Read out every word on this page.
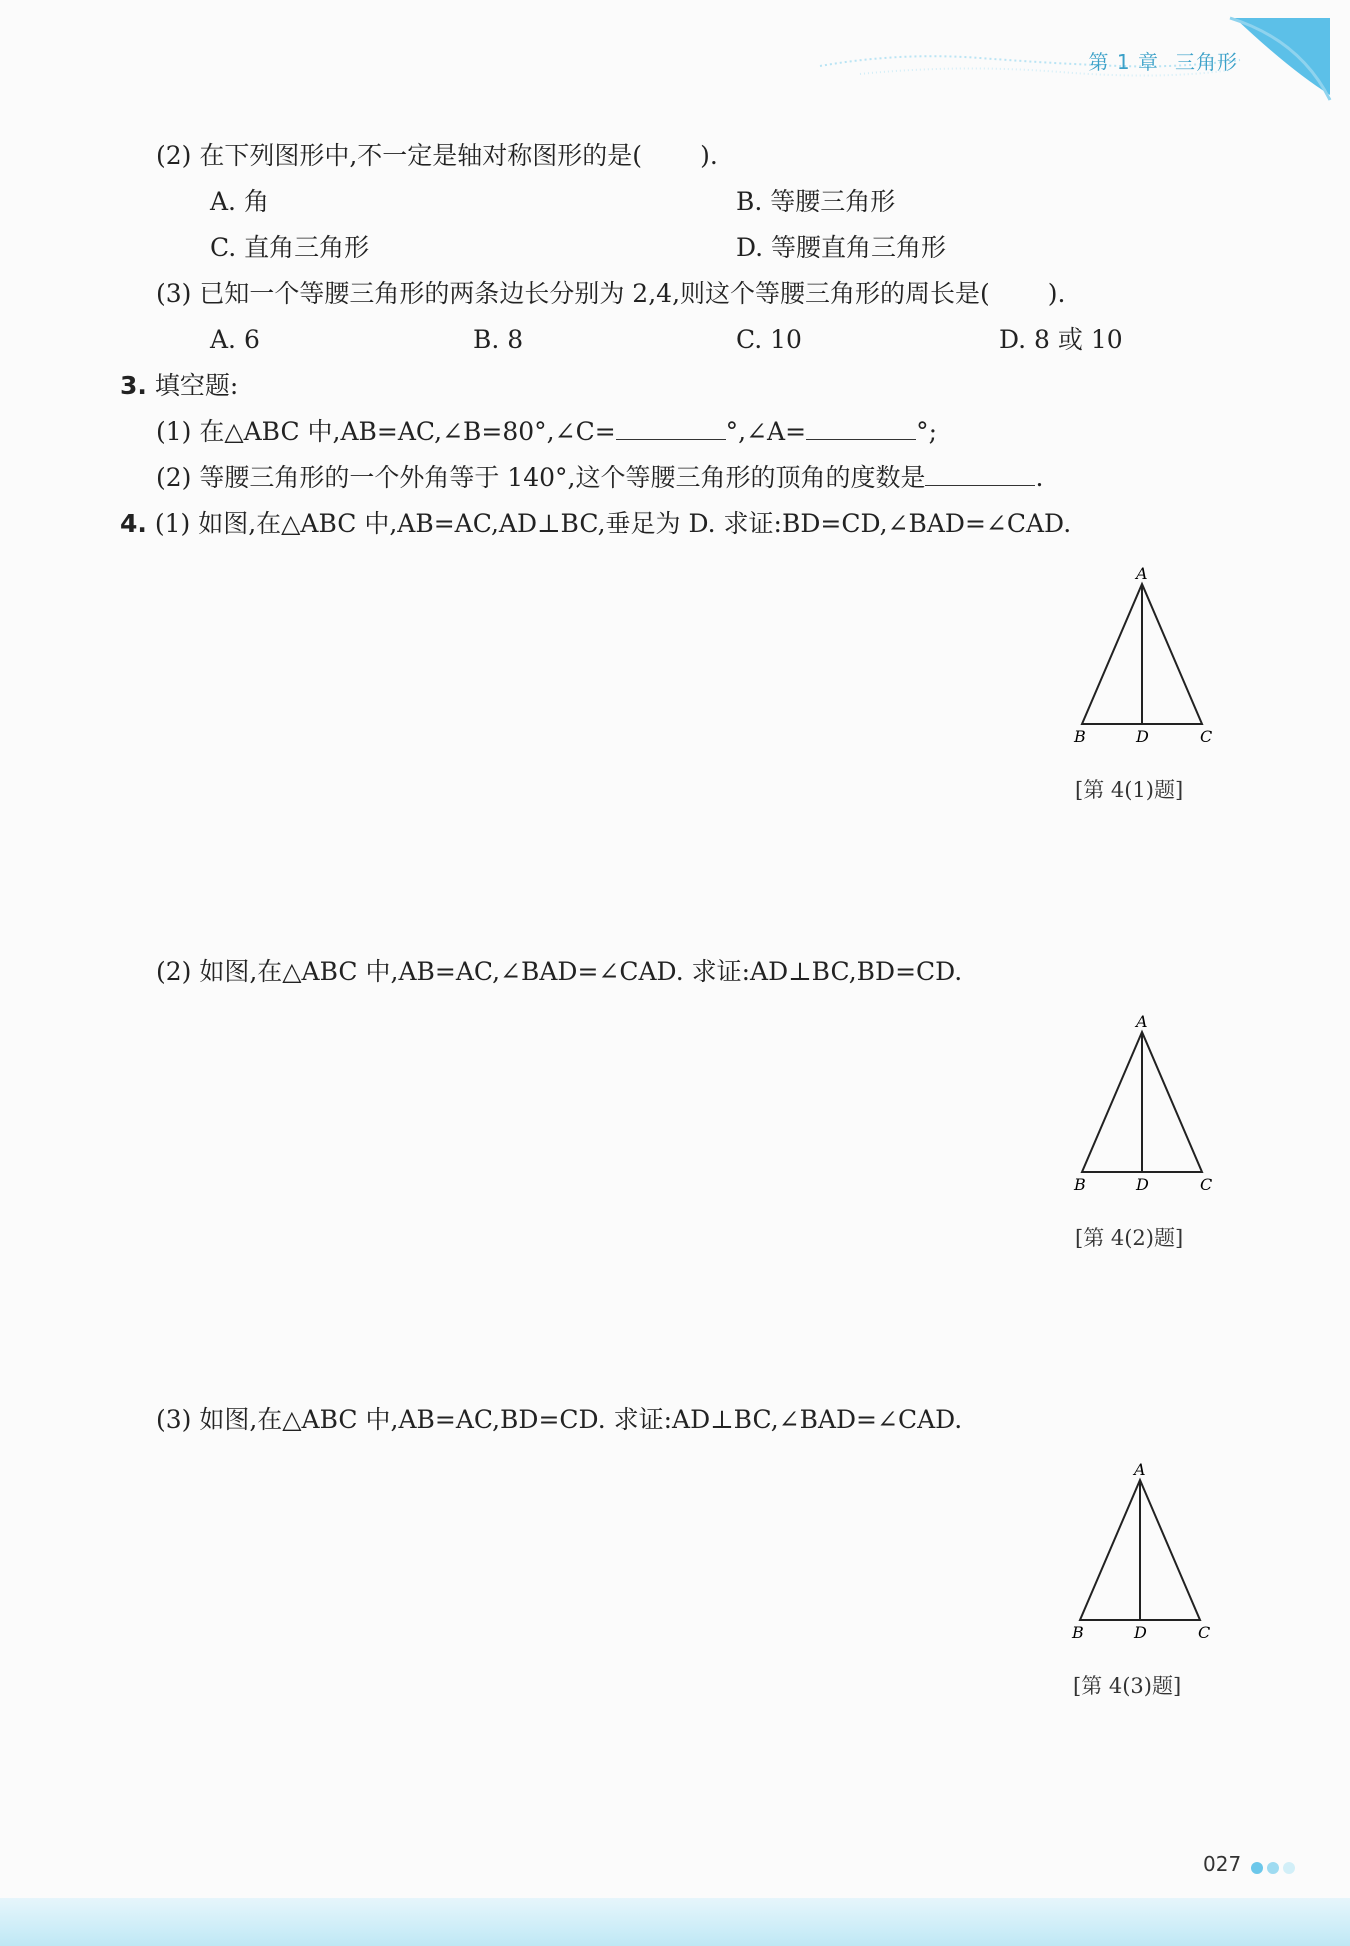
第 1 章 三角形
(2) 在下列图形中,不一定是轴对称图形的是( ).
A. 角	B. 等腰三角形
C. 直角三角形	D. 等腰直角三角形
(3) 已知一个等腰三角形的两条边长分别为 2,4,则这个等腰三角形的周长是( ).
A. 6	B. 8	C. 10	D. 8 或 10
3. 填空题:
(1) 在△ABC 中,AB=AC,∠B=80°,∠C=	°,∠A=	°;
(2) 等腰三角形的一个外角等于 140°,这个等腰三角形的顶角的度数是	.
4. (1) 如图,在△ABC 中,AB=AC,AD⊥BC,垂足为 D. 求证:BD=CD,∠BAD=∠CAD.
A
B	D	C
[第 4(1)题]
(2) 如图,在△ABC 中,AB=AC,∠BAD=∠CAD. 求证:AD⊥BC,BD=CD.
A
B	D	C
[第 4(2)题]
(3) 如图,在△ABC 中,AB=AC,BD=CD. 求证:AD⊥BC,∠BAD=∠CAD.
A
B	D	C
[第 4(3)题]
027
